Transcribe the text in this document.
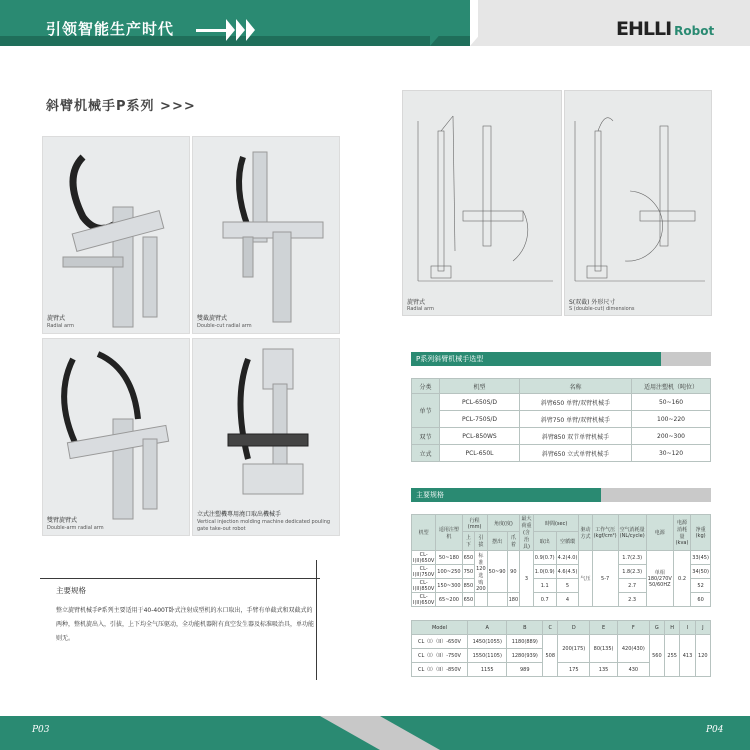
引领智能生产时代	EHLLI Robot
斜臂机械手P系列 >>>
旋臂式
Radial arm
雙截旋臂式
Double-cut radial arm
雙臂旋臂式
Double-arm radial arm
立式注塑機專用澆口取出機械手
Vertical injection molding machine dedicated pouling gate take-out robot
主要规格
整立旋臂机械手P系列主要适用于40-400T卧式注射成型机的水口取出，手臂有单截式和双截式的两种，整机旋出入，引拔，上下均全气压驱动，全功能机器附有真空发生器及标准吸治具，单功能则无。
旋臂式
Radial arm
S(双截) 外形尺寸
S (double-cut) dimensions
P系列斜臂机械手选型
分类	机型	名称	适用注塑机（吨位）
单节	PCL-650S/D	斜臂650 单臂/双臂机械手	50~160
	PCL-750S/D	斜臂750 单臂/双臂机械手	100~220
双节	PCL-850WS	斜臂850 双节单臂机械手	200~300
立式	PCL-650L	斜臂650 立式单臂机械手	30~120
主要规格
机型	适用注塑机	行程(mm)		角度(度)		最大荷重(含治具)	時間(sec)		驱动方式	工作气压(kgf/cm²)	空气消耗量(NL/cycle)	电源	电源消耗量(kva)	净重(kg)
		上下	引拔	摆出	爪着		取出	空循環						
CL-I(II)650V	50~180	650	标准 120 选购 200	50~90	90	3	0.9(0.7)	4.2(4.0)	气压	5-7	1.7(2.3)	单相180/270V 50/60HZ	0.2	33(45)
CL-I(II)750V	100~250	750					1.0(0.9)	4.6(4.5)			1.8(2.3)			34(50)
CL-I(II)850V	150~300	850					1.1	5			2.7			52
CL-I(II)650V	65~200	650			180		0.7	4			2.3			60
Model	A	B	C	D	E	F	G	H	I	J
CL（I）（II）-650V	1450(1055)	1180(889)	508	200(175)	80(135)	420(430)	560	255	413	120
CL（I）（II）-750V	1550(1105)	1280(939)								
CL（I）（II）-850V	1155	989		175	135	430				
P03	P04
